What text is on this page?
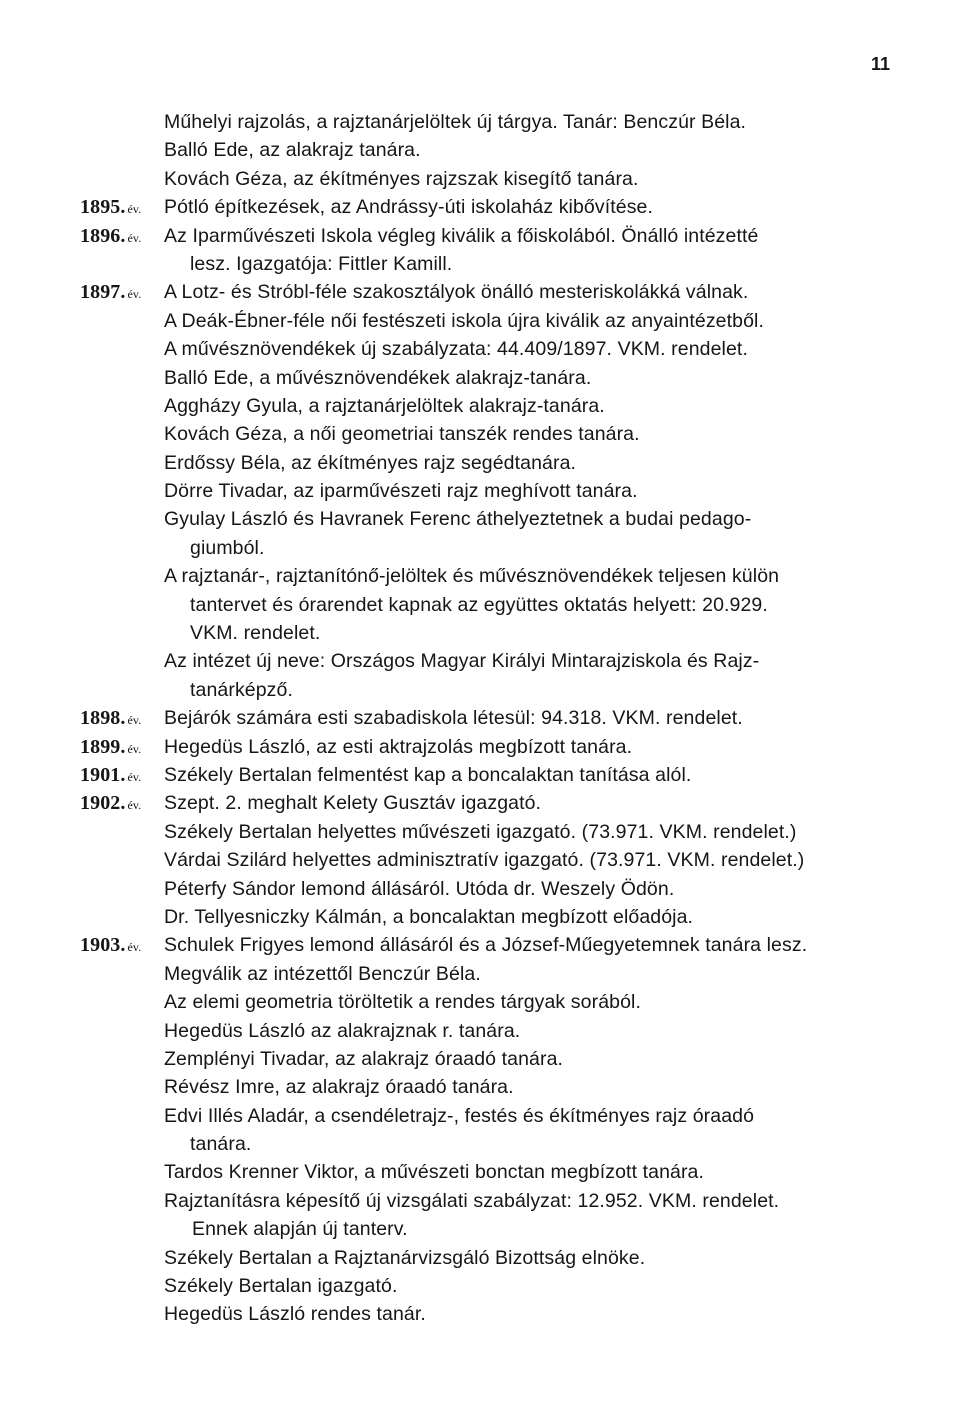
11
Műhelyi rajzolás, a rajztanárjelöltek új tárgya. Tanár: Benczúr Béla.
Balló Ede, az alakrajz tanára.
Kovách Géza, az ékítményes rajzszak kisegítő tanára.
1895. év. Pótló építkezések, az Andrássy-úti iskolaház kibővítése.
1896. év. Az Iparművészeti Iskola végleg kiválik a főiskolából. Önálló intézetté
lesz. Igazgatója: Fittler Kamill.
1897. év. A Lotz- és Stróbl-féle szakosztályok önálló mesteriskolákká válnak.
A Deák-Ébner-féle női festészeti iskola újra kiválik az anyaintézetből.
A művésznövendékek új szabályzata: 44.409/1897. VKM. rendelet.
Balló Ede, a művésznövendékek alakrajz-tanára.
Aggházy Gyula, a rajztanárjelöltek alakrajz-tanára.
Kovách Géza, a női geometriai tanszék rendes tanára.
Erdőssy Béla, az ékítményes rajz segédtanára.
Dörre Tivadar, az iparművészeti rajz meghívott tanára.
Gyulay László és Havranek Ferenc áthelyeztetnek a budai pedago-
giumból.
A rajztanár-, rajztanítónő-jelöltek és művésznövendékek teljesen külön
tantervet és órarendet kapnak az együttes oktatás helyett: 20.929.
VKM. rendelet.
Az intézet új neve: Országos Magyar Királyi Mintarajziskola és Rajz-
tanárképző.
1898. év. Bejárók számára esti szabadiskola létesül: 94.318. VKM. rendelet.
1899. év. Hegedüs László, az esti aktrajzolás megbízott tanára.
1901. év. Székely Bertalan felmentést kap a boncalaktan tanítása alól.
1902. év. Szept. 2. meghalt Kelety Gusztáv igazgató.
Székely Bertalan helyettes művészeti igazgató. (73.971. VKM. rendelet.)
Várdai Szilárd helyettes adminisztratív igazgató. (73.971. VKM. rendelet.)
Péterfy Sándor lemond állásáról. Utóda dr. Weszely Ödön.
Dr. Tellyesniczky Kálmán, a boncalaktan megbízott előadója.
1903. év. Schulek Frigyes lemond állásáról és a József-Műegyetemnek tanára lesz.
Megválik az intézettől Benczúr Béla.
Az elemi geometria töröltetik a rendes tárgyak sorából.
Hegedüs László az alakrajznak r. tanára.
Zemplényi Tivadar, az alakrajz óraadó tanára.
Révész Imre, az alakrajz óraadó tanára.
Edvi Illés Aladár, a csendéletrajz-, festés és ékítményes rajz óraadó
tanára.
Tardos Krenner Viktor, a művészeti bonctan megbízott tanára.
Rajztanításra képesítő új vizsgálati szabályzat: 12.952. VKM. rendelet.
Ennek alapján új tanterv.
Székely Bertalan a Rajztanárvizsgáló Bizottság elnöke.
Székely Bertalan igazgató.
Hegedüs László rendes tanár.
